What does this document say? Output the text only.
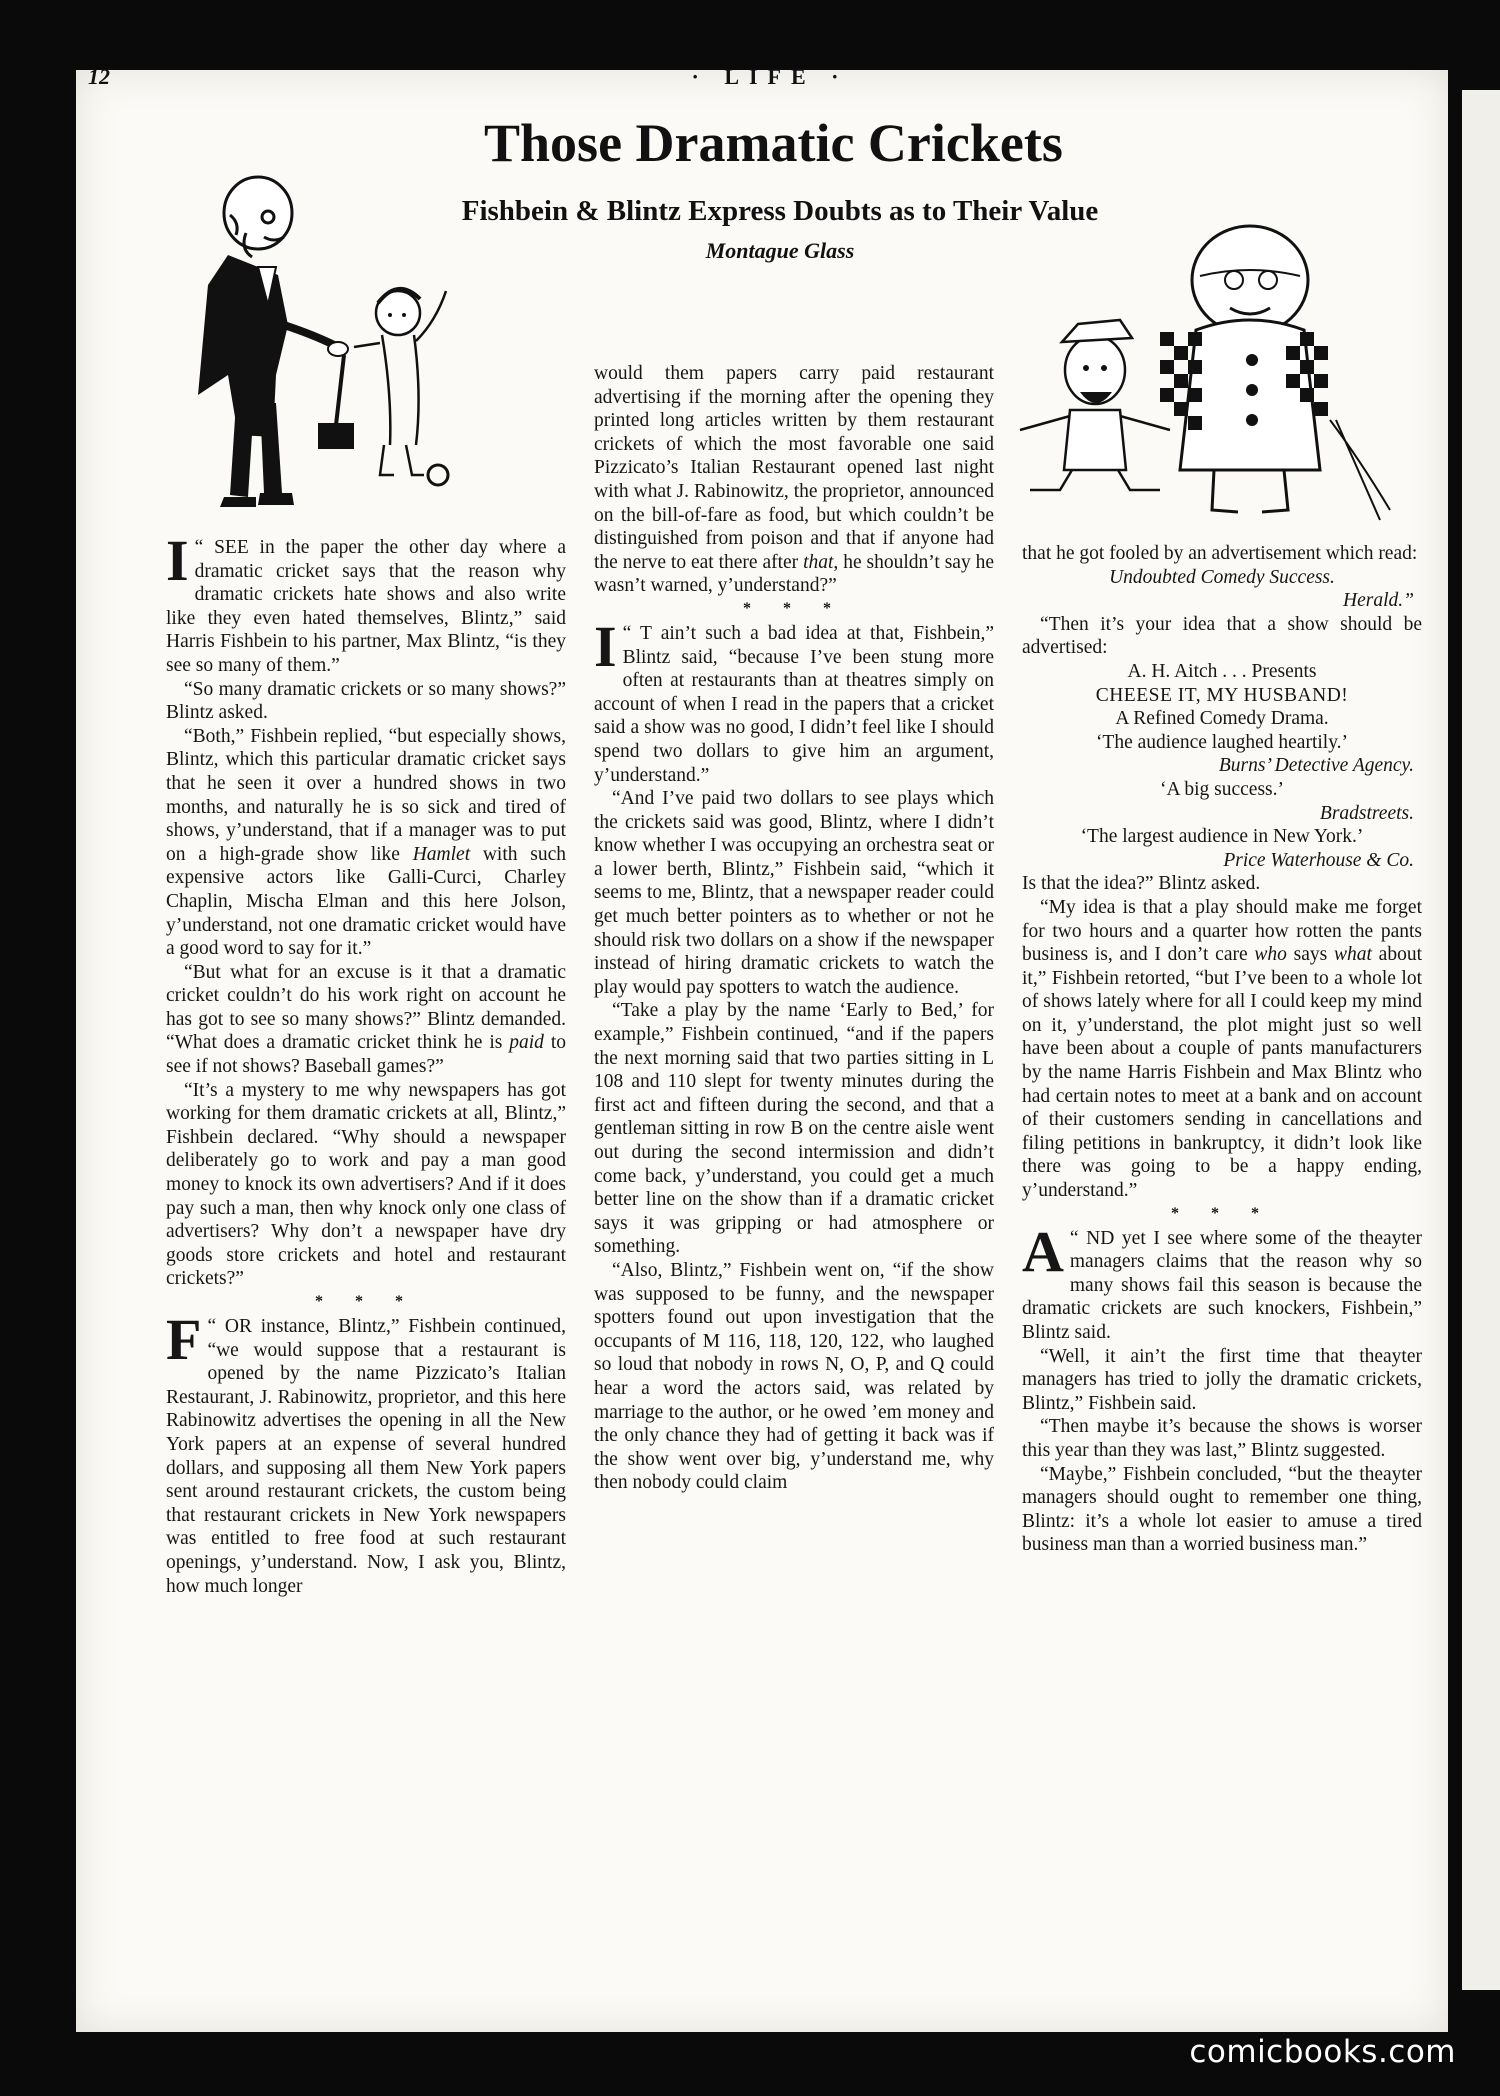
12	· LIFE ·
Those Dramatic Crickets
Fishbein & Blintz Express Doubts as to Their Value
Montague Glass

I “ SEE in the paper the other day where a dramatic cricket says that the reason why dramatic crickets hate shows and also write like they even hated themselves, Blintz,” said Harris Fishbein to his partner, Max Blintz, “is they see so many of them.”

“So many dramatic crickets or so many shows?” Blintz asked.

“Both,” Fishbein replied, “but especially shows, Blintz, which this particular dramatic cricket says that he seen it over a hundred shows in two months, and naturally he is so sick and tired of shows, y’understand, that if a manager was to put on a high-grade show like Hamlet with such expensive actors like Galli-Curci, Charley Chaplin, Mischa Elman and this here Jolson, y’understand, not one dramatic cricket would have a good word to say for it.”

“But what for an excuse is it that a dramatic cricket couldn’t do his work right on account he has got to see so many shows?” Blintz demanded. “What does a dramatic cricket think he is paid to see if not shows? Baseball games?”

“It’s a mystery to me why newspapers has got working for them dramatic crickets at all, Blintz,” Fishbein declared. “Why should a newspaper deliberately go to work and pay a man good money to knock its own advertisers? And if it does pay such a man, then why knock only one class of advertisers? Why don’t a newspaper have dry goods store crickets and hotel and restaurant crickets?”

* * *

F “ OR instance, Blintz,” Fishbein continued, “we would suppose that a restaurant is opened by the name Pizzicato’s Italian Restaurant, J. Rabinowitz, proprietor, and this here Rabinowitz advertises the opening in all the New York papers at an expense of several hundred dollars, and supposing all them New York papers sent around restaurant crickets, the custom being that restaurant crickets in New York newspapers was entitled to free food at such restaurant openings, y’understand. Now, I ask you, Blintz, how much longer

would them papers carry paid restaurant advertising if the morning after the opening they printed long articles written by them restaurant crickets of which the most favorable one said Pizzicato’s Italian Restaurant opened last night with what J. Rabinowitz, the proprietor, announced on the bill-of-fare as food, but which couldn’t be distinguished from poison and that if anyone had the nerve to eat there after that, he shouldn’t say he wasn’t warned, y’understand?”

* * *

I “ T ain’t such a bad idea at that, Fishbein,” Blintz said, “because I’ve been stung more often at restaurants than at theatres simply on account of when I read in the papers that a cricket said a show was no good, I didn’t feel like I should spend two dollars to give him an argument, y’understand.”

“And I’ve paid two dollars to see plays which the crickets said was good, Blintz, where I didn’t know whether I was occupying an orchestra seat or a lower berth, Blintz,” Fishbein said, “which it seems to me, Blintz, that a newspaper reader could get much better pointers as to whether or not he should risk two dollars on a show if the newspaper instead of hiring dramatic crickets to watch the play would pay spotters to watch the audience.

“Take a play by the name ‘Early to Bed,’ for example,” Fishbein continued, “and if the papers the next morning said that two parties sitting in L 108 and 110 slept for twenty minutes during the first act and fifteen during the second, and that a gentleman sitting in row B on the centre aisle went out during the second intermission and didn’t come back, y’understand, you could get a much better line on the show than if a dramatic cricket says it was gripping or had atmosphere or something.

“Also, Blintz,” Fishbein went on, “if the show was supposed to be funny, and the newspaper spotters found out upon investigation that the occupants of M 116, 118, 120, 122, who laughed so loud that nobody in rows N, O, P, and Q could hear a word the actors said, was related by marriage to the author, or he owed ’em money and the only chance they had of getting it back was if the show went over big, y’understand me, why then nobody could claim

that he got fooled by an advertisement which read:

Undoubted Comedy Success.
Herald.”

“Then it’s your idea that a show should be advertised:

A. H. Aitch . . . Presents
CHEESE IT, MY HUSBAND!
A Refined Comedy Drama.
‘The audience laughed heartily.’
Burns’ Detective Agency.
‘A big success.’
Bradstreets.
‘The largest audience in New York.’
Price Waterhouse & Co.

Is that the idea?” Blintz asked.

“My idea is that a play should make me forget for two hours and a quarter how rotten the pants business is, and I don’t care who says what about it,” Fishbein retorted, “but I’ve been to a whole lot of shows lately where for all I could keep my mind on it, y’understand, the plot might just so well have been about a couple of pants manufacturers by the name Harris Fishbein and Max Blintz who had certain notes to meet at a bank and on account of their customers sending in cancellations and filing petitions in bankruptcy, it didn’t look like there was going to be a happy ending, y’understand.”

* * *

A “ ND yet I see where some of the theayter managers claims that the reason why so many shows fail this season is because the dramatic crickets are such knockers, Fishbein,” Blintz said.

“Well, it ain’t the first time that theayter managers has tried to jolly the dramatic crickets, Blintz,” Fishbein said.

“Then maybe it’s because the shows is worser this year than they was last,” Blintz suggested.

“Maybe,” Fishbein concluded, “but the theayter managers should ought to remember one thing, Blintz: it’s a whole lot easier to amuse a tired business man than a worried business man.”

comicbooks.com
